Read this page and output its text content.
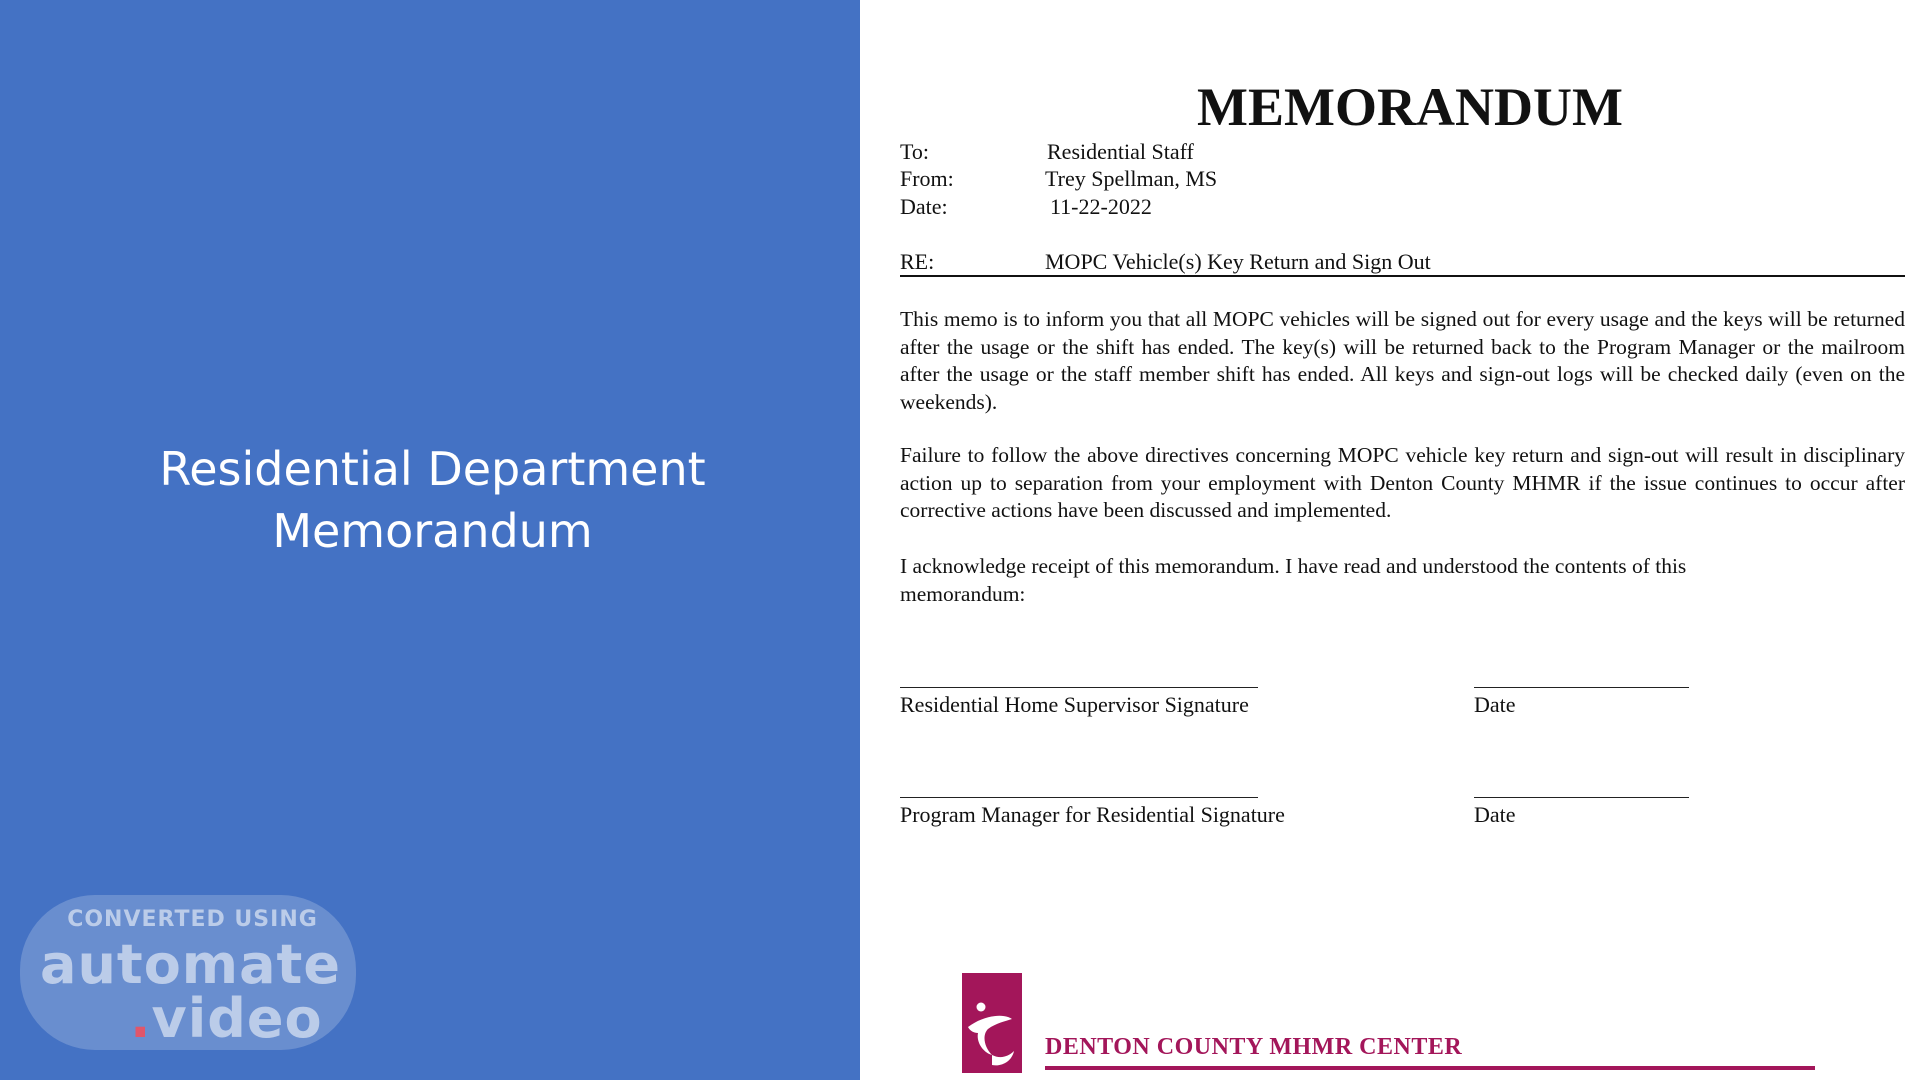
Residential Department
Memorandum
CONVERTED USING
automate
.video
MEMORANDUM
To:	Residential Staff
From:	Trey Spellman, MS
Date:	11-22-2022
RE:	MOPC Vehicle(s) Key Return and Sign Out

This memo is to inform you that all MOPC vehicles will be signed out for every usage and the keys will be returned after the usage or the shift has ended. The key(s) will be returned back to the Program Manager or the mailroom after the usage or the staff member shift has ended. All keys and sign-out logs will be checked daily (even on the weekends).

Failure to follow the above directives concerning MOPC vehicle key return and sign-out will result in disciplinary action up to separation from your employment with Denton County MHMR if the issue continues to occur after corrective actions have been discussed and implemented.

I acknowledge receipt of this memorandum. I have read and understood the contents of this memorandum:

Residential Home Supervisor Signature	Date
Program Manager for Residential Signature	Date
DENTON COUNTY MHMR CENTER
